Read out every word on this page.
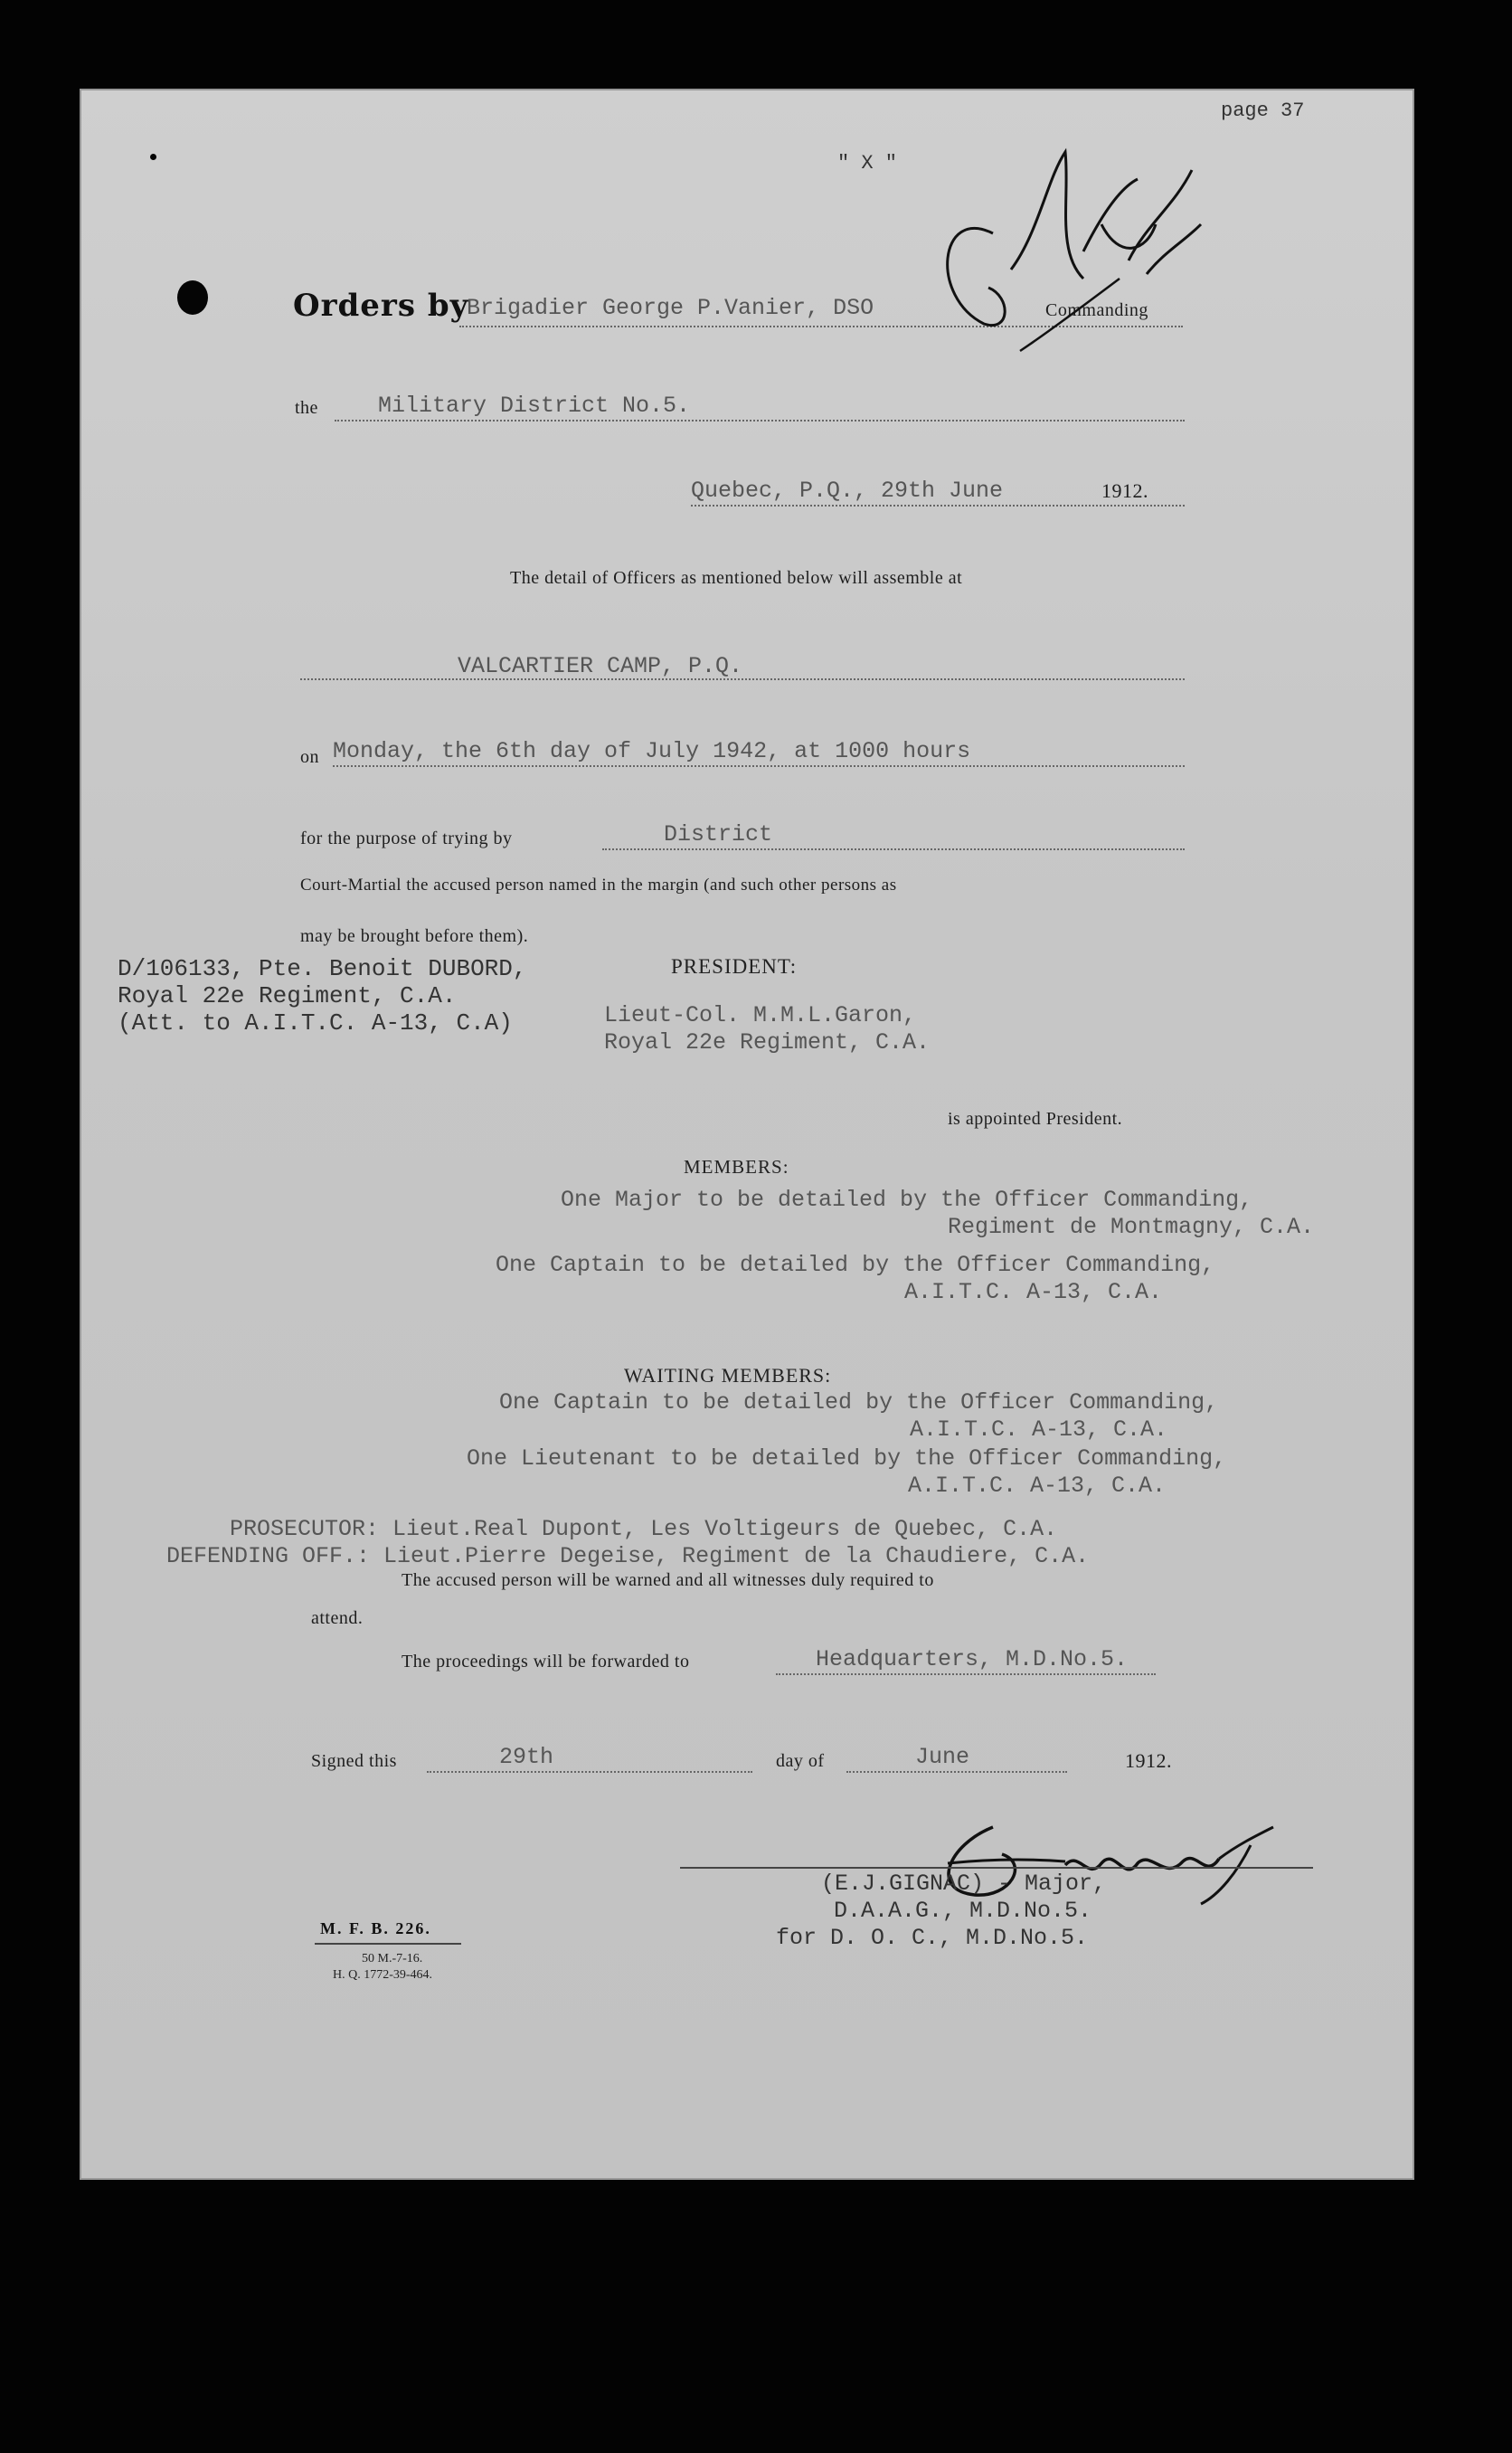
page 37
" X "
Orders by
Brigadier George P.Vanier, DSO	Commanding
the	Military District No.5.
Quebec, P.Q., 29th June	1912.
The detail of Officers as mentioned below will assemble at
VALCARTIER CAMP, P.Q.
on Monday, the 6th day of July 1942, at 1000 hours
for the purpose of trying by	District
Court-Martial the accused person named in the margin (and such other persons as
may be brought before them).
D/106133, Pte. Benoit DUBORD,
Royal 22e Regiment, C.A.
(Att. to A.I.T.C. A-13, C.A)
PRESIDENT:
Lieut-Col. M.M.L.Garon,
Royal 22e Regiment, C.A.
is appointed President.
MEMBERS:
One Major to be detailed by the Officer Commanding,
Regiment de Montmagny, C.A.
One Captain to be detailed by the Officer Commanding,
A.I.T.C. A-13, C.A.
WAITING MEMBERS:
One Captain to be detailed by the Officer Commanding,
A.I.T.C. A-13, C.A.
One Lieutenant to be detailed by the Officer Commanding,
A.I.T.C. A-13, C.A.
PROSECUTOR: Lieut.Real Dupont, Les Voltigeurs de Quebec, C.A.
DEFENDING OFF.: Lieut.Pierre Degeise, Regiment de la Chaudiere, C.A.
The accused person will be warned and all witnesses duly required to
attend.
The proceedings will be forwarded to	Headquarters, M.D.No.5.
Signed this	29th	day of	June	1912.
(E.J.GIGNAC) - Major,
D.A.A.G., M.D.No.5.
for D. O. C., M.D.No.5.
M. F. B. 226.
50 M.-7-16.
H. Q. 1772-39-464.
